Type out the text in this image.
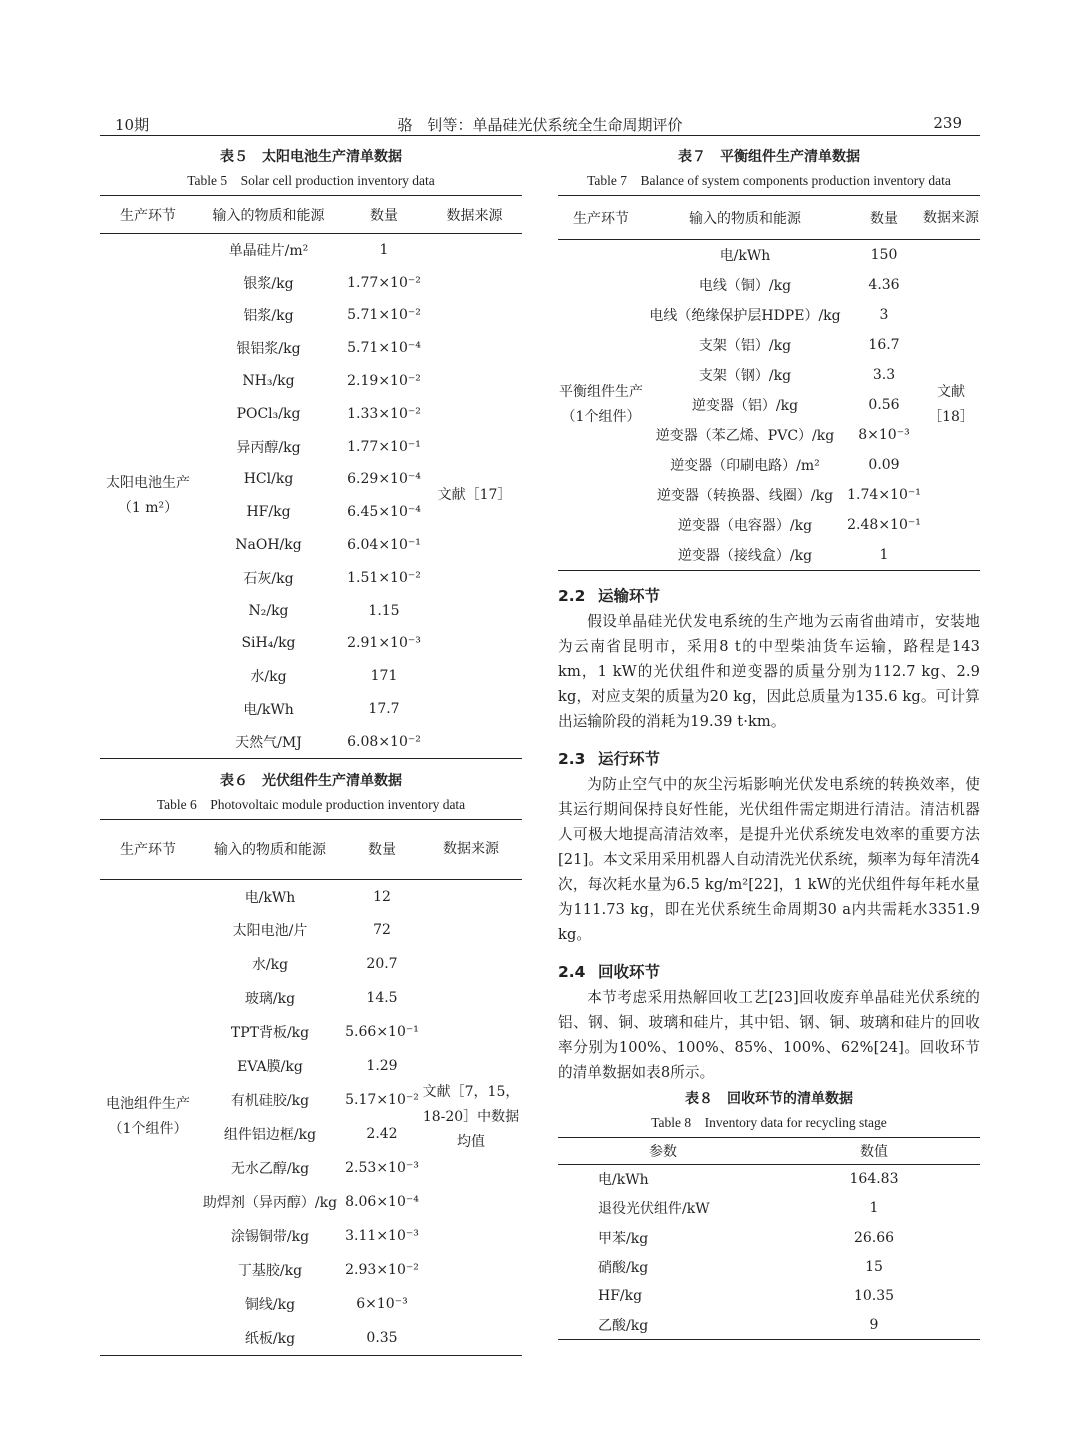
10期	骆　钊等：单晶硅光伏系统全生命周期评价	239
表５　太阳电池生产清单数据
Table 5　Solar cell production inventory data
生产环节	输入的物质和能源	数量	数据来源
太阳电池生产（1 m²）	单晶硅片/m²	1	文献［17］
	银浆/kg	1.77×10⁻²	
	铝浆/kg	5.71×10⁻²	
	银铝浆/kg	5.71×10⁻⁴	
	NH₃/kg	2.19×10⁻²	
	POCl₃/kg	1.33×10⁻²	
	异丙醇/kg	1.77×10⁻¹	
	HCl/kg	6.29×10⁻⁴	
	HF/kg	6.45×10⁻⁴	
	NaOH/kg	6.04×10⁻¹	
	石灰/kg	1.51×10⁻²	
	N₂/kg	1.15	
	SiH₄/kg	2.91×10⁻³	
	水/kg	171	
	电/kWh	17.7	
	天然气/MJ	6.08×10⁻²	
表６　光伏组件生产清单数据
Table 6　Photovoltaic module production inventory data
生产环节	输入的物质和能源	数量	数据来源
电池组件生产（1个组件）	电/kWh	12	文献［7，15，18-20］中数据均值
	太阳电池/片	72	
	水/kg	20.7	
	玻璃/kg	14.5	
	TPT背板/kg	5.66×10⁻¹	
	EVA膜/kg	1.29	
	有机硅胶/kg	5.17×10⁻²	
	组件铝边框/kg	2.42	
	无水乙醇/kg	2.53×10⁻³	
	助焊剂（异丙醇）/kg	8.06×10⁻⁴	
	涂锡铜带/kg	3.11×10⁻³	
	丁基胶/kg	2.93×10⁻²	
	铜线/kg	6×10⁻³	
	纸板/kg	0.35	
表７　平衡组件生产清单数据
Table 7　Balance of system components production inventory data
生产环节	输入的物质和能源	数量	数据来源
平衡组件生产（1个组件）	电/kWh	150	文献［18］
	电线（铜）/kg	4.36	
	电线（绝缘保护层HDPE）/kg	3	
	支架（铝）/kg	16.7	
	支架（钢）/kg	3.3	
	逆变器（铝）/kg	0.56	
	逆变器（苯乙烯、PVC）/kg	8×10⁻³	
	逆变器（印刷电路）/m²	0.09	
	逆变器（转换器、线圈）/kg	1.74×10⁻¹	
	逆变器（电容器）/kg	2.48×10⁻¹	
	逆变器（接线盒）/kg	1	
2.2 运输环节

假设单晶硅光伏发电系统的生产地为云南省曲靖市，安装地为云南省昆明市，采用8 t的中型柴油货车运输，路程是143 km，1 kW的光伏组件和逆变器的质量分别为112.7 kg、2.9 kg，对应支架的质量为20 kg，因此总质量为135.6 kg。可计算出运输阶段的消耗为19.39 t·km。

2.3 运行环节

为防止空气中的灰尘污垢影响光伏发电系统的转换效率，使其运行期间保持良好性能，光伏组件需定期进行清洁。清洁机器人可极大地提高清洁效率，是提升光伏系统发电效率的重要方法[21]。本文采用采用机器人自动清洗光伏系统，频率为每年清洗4次，每次耗水量为6.5 kg/m²[22]，1 kW的光伏组件每年耗水量为111.73 kg，即在光伏系统生命周期30 a内共需耗水3351.9 kg。

2.4 回收环节

本节考虑采用热解回收工艺[23]回收废弃单晶硅光伏系统的铝、钢、铜、玻璃和硅片，其中铝、钢、铜、玻璃和硅片的回收率分别为100%、100%、85%、100%、62%[24]。回收环节的清单数据如表8所示。

表８　回收环节的清单数据
Table 8　Inventory data for recycling stage
参数	数值
电/kWh	164.83
退役光伏组件/kW	1
甲苯/kg	26.66
硝酸/kg	15
HF/kg	10.35
乙酸/kg	9
